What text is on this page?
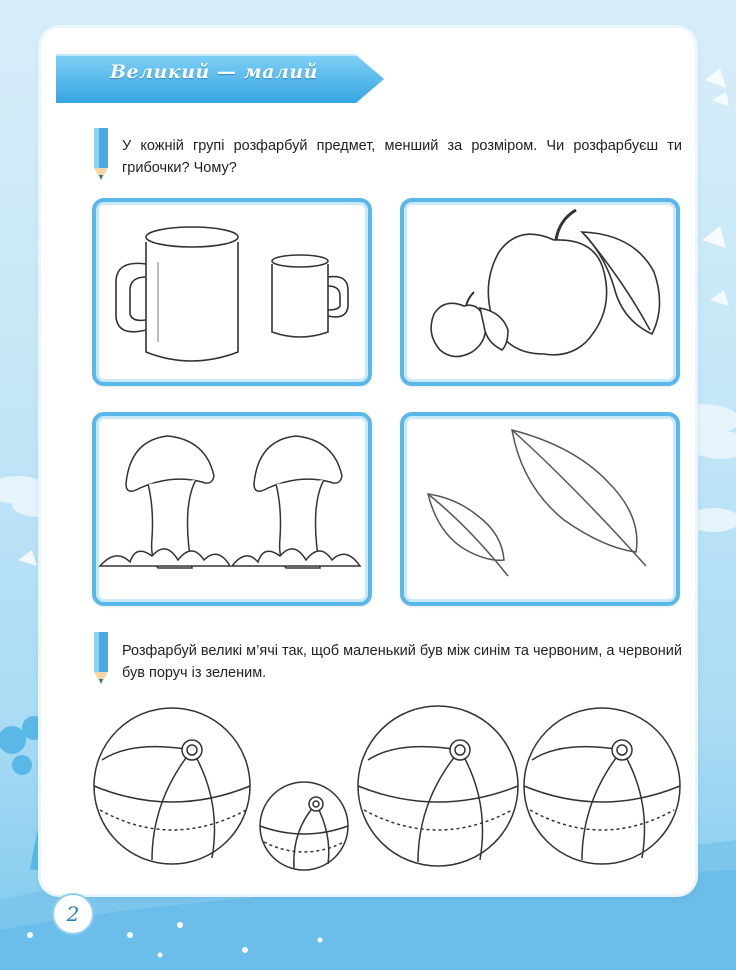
Великий — малий
У кожній групі розфарбуй предмет, менший за розміром. Чи розфарбуєш ти грибочки? Чому?
Розфарбуй великі м’ячі так, щоб маленький був між синім та червоним, а червоний був поруч із зеленим.
2
